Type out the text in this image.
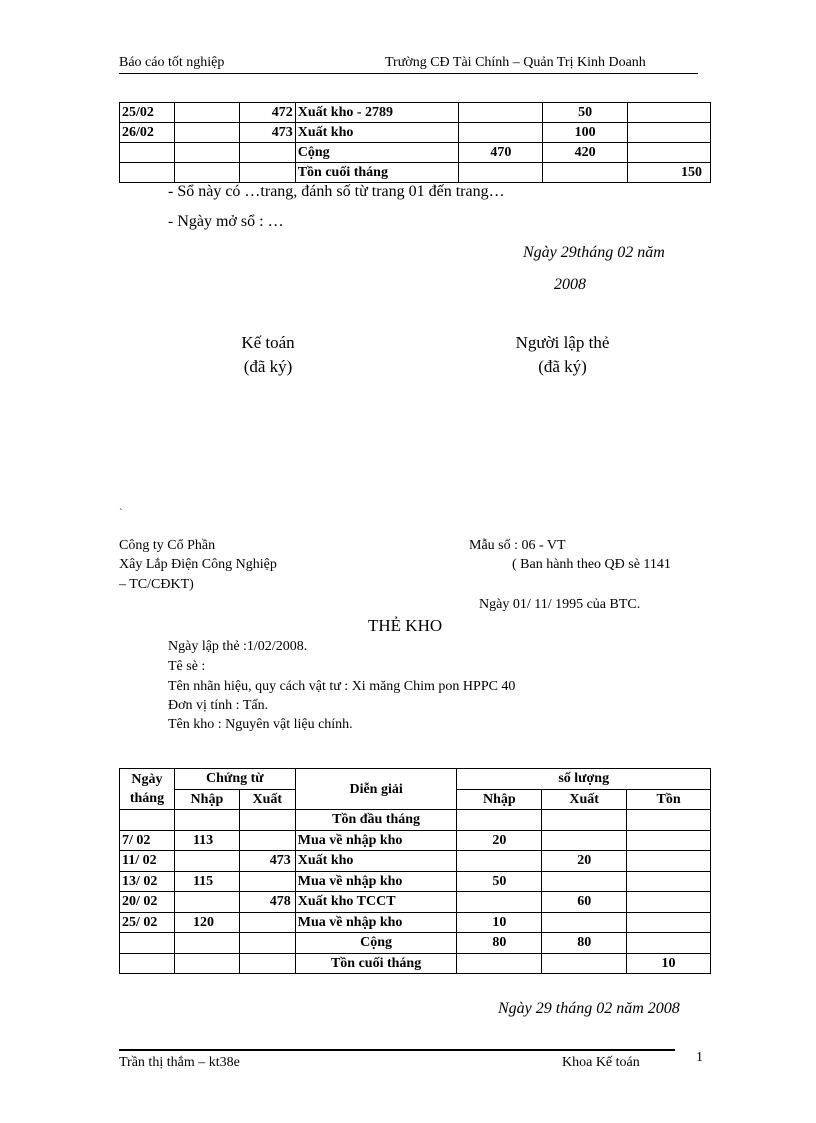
Báo cáo tốt nghiệp	Trường CĐ Tài Chính – Quản Trị Kinh Doanh
25/02		472	Xuất kho - 2789		50	
26/02		473	Xuất kho		100	
			Cộng	470	420	
			Tồn cuối tháng			150
- Sổ này có …trang, đánh số từ trang 01 đến trang…
- Ngày mở sổ : …
Ngày 29tháng 02 năm
2008
Kế toán
(đã ký)
Người lập thẻ
(đã ký)
`
Công ty Cổ Phần
Xây Lắp Điện Công Nghiệp
– TC/CĐKT)
Mẫu số : 06 - VT
( Ban hành theo QĐ sè 1141
Ngày 01/ 11/ 1995 của BTC.
THẺ KHO
Ngày lập thẻ :1/02/2008.
Tê sè :
Tên nhãn hiệu, quy cách vật tư : Xi măng Chim pon HPPC 40
Đơn vị tính : Tấn.
Tên kho : Nguyên vật liệu chính.
Ngày
tháng	Chứng từ		Diễn giải	số lượng		
	Nhập	Xuất		Nhập	Xuất	Tồn
			Tồn đầu tháng			
7/ 02	113		Mua về nhập kho	20		
11/ 02		473	Xuất kho		20	
13/ 02	115		Mua về nhập kho	50		
20/ 02		478	Xuất kho TCCT		60	
25/ 02	120		Mua về nhập kho	10		
			Cộng	80	80	
			Tồn cuối tháng			10
Ngày 29 tháng 02 năm 2008
Trần thị thắm – kt38e	Khoa Kế toán	1
